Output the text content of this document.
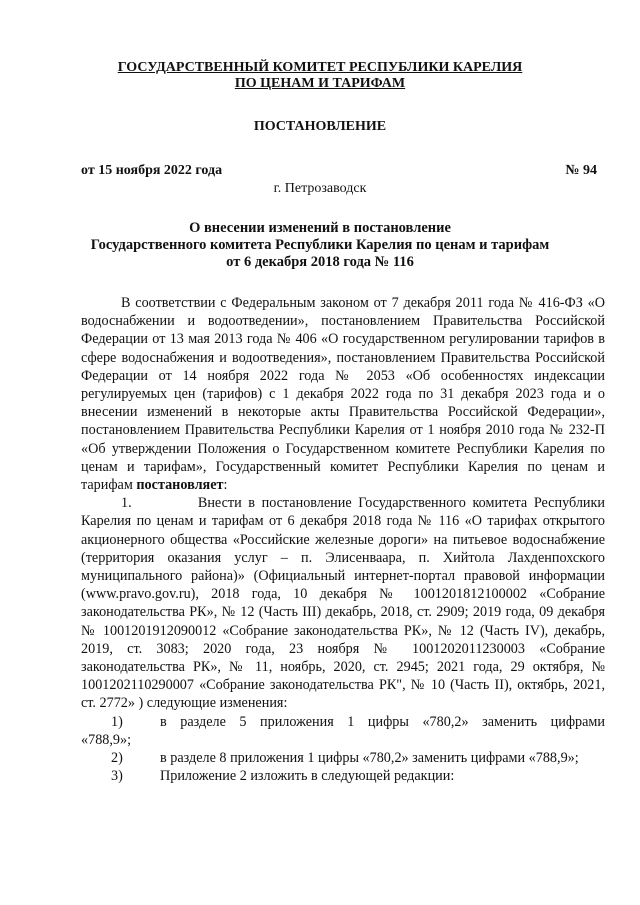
ГОСУДАРСТВЕННЫЙ КОМИТЕТ РЕСПУБЛИКИ КАРЕЛИЯ
ПО ЦЕНАМ И ТАРИФАМ
ПОСТАНОВЛЕНИЕ
от 15 ноября 2022 года	№ 94
г. Петрозаводск
О внесении изменений в постановление
Государственного комитета Республики Карелия по ценам и тарифам
от 6 декабря 2018 года № 116

В соответствии с Федеральным законом от 7 декабря 2011 года № 416-ФЗ «О водоснабжении и водоотведении», постановлением Правительства Российской Федерации от 13 мая 2013 года № 406 «О государственном регулировании тарифов в сфере водоснабжения и водоотведения», постановлением Правительства Российской Федерации от 14 ноября 2022 года № 2053 «Об особенностях индексации регулируемых цен (тарифов) с 1 декабря 2022 года по 31 декабря 2023 года и о внесении изменений в некоторые акты Правительства Российской Федерации», постановлением Правительства Республики Карелия от 1 ноября 2010 года № 232-П «Об утверждении Положения о Государственном комитете Республики Карелия по ценам и тарифам», Государственный комитет Республики Карелия по ценам и тарифам постановляет:

1.	Внести в постановление Государственного комитета Республики Карелия по ценам и тарифам от 6 декабря 2018 года № 116 «О тарифах открытого акционерного общества «Российские железные дороги» на питьевое водоснабжение (территория оказания услуг – п. Элисенваара, п. Хийтола Лахденпохского муниципального района)» (Официальный интернет-портал правовой информации (www.pravo.gov.ru), 2018 года, 10 декабря № 1001201812100002 «Собрание законодательства РК», № 12 (Часть III) декабрь, 2018, ст. 2909; 2019 года, 09 декабря № 1001201912090012 «Собрание законодательства РК», № 12 (Часть IV), декабрь, 2019, ст. 3083; 2020 года, 23 ноября № 1001202011230003 «Собрание законодательства РК», № 11, ноябрь, 2020, ст. 2945; 2021 года, 29 октября, № 1001202110290007 «Собрание законодательства РК", № 10 (Часть II), октябрь, 2021, ст. 2772» ) следующие изменения:

1)	в разделе 5 приложения 1 цифры «780,2» заменить цифрами
«788,9»;
2)	в разделе 8 приложения 1 цифры «780,2» заменить цифрами «788,9»;
3)	Приложение 2 изложить в следующей редакции:
